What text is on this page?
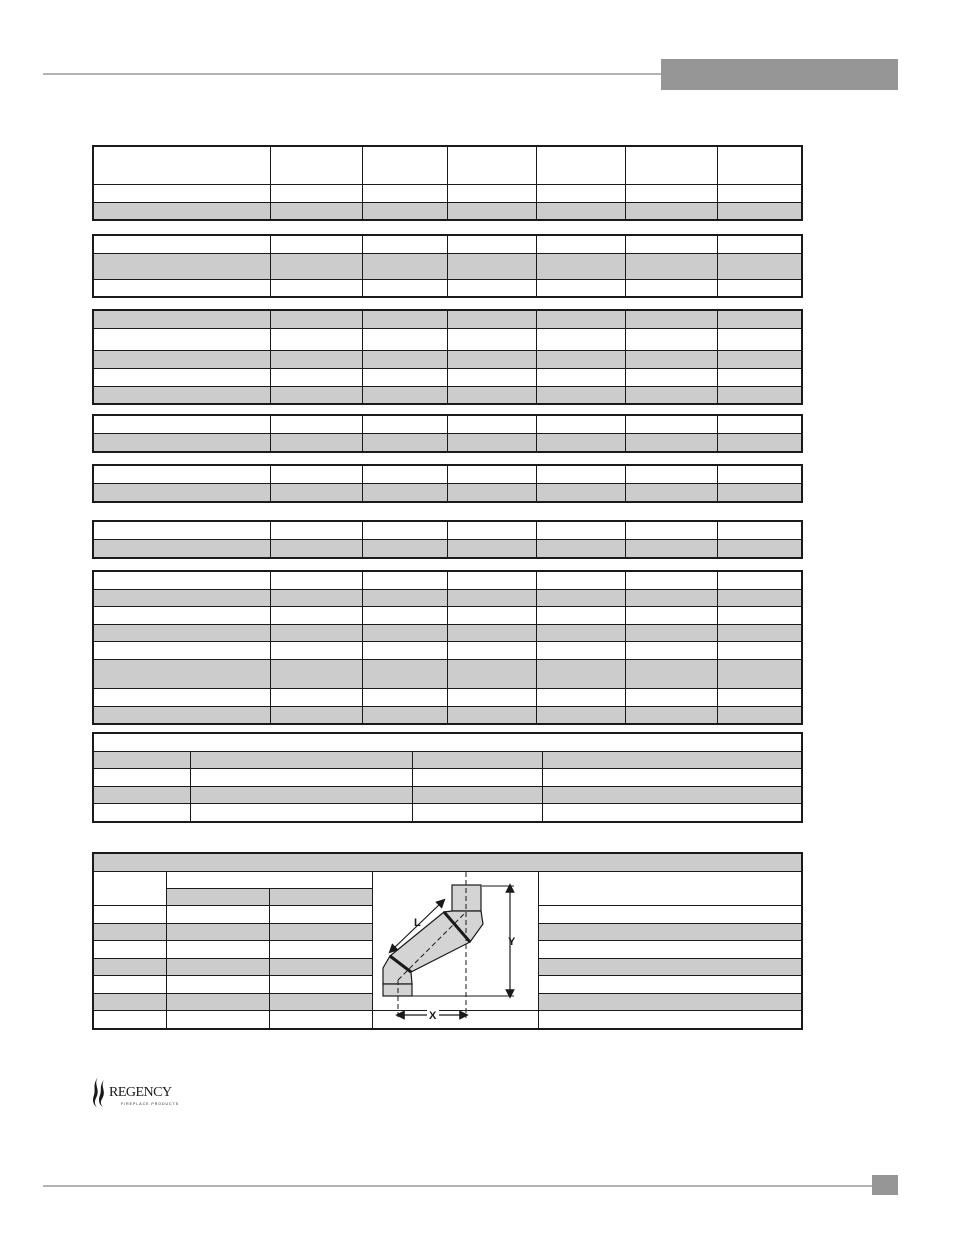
L
Y
X
REGENCY
FIREPLACE PRODUCTS
